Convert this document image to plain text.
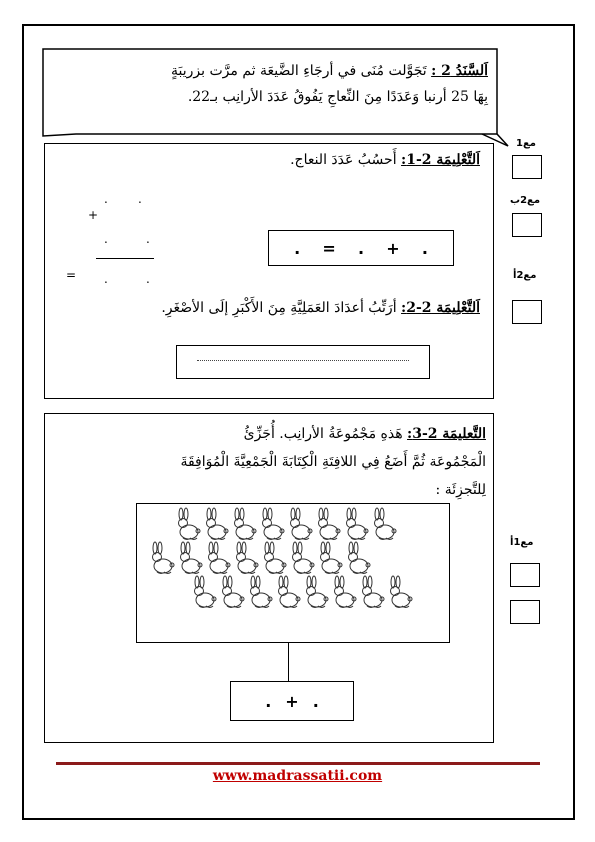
اَلسَّنَدُ 2 : تَجَوَّلت مُنَى في أرجَاءِ الضَّيعَة ثم مرَّت بزريبَةٍ
بِهَا 25 أرنبا وَعَدَدًا مِنَ النِّعاجِ يَفُوقُ عَدَدَ الأرانِب بـ22.
اَلتَّعْلِيمَة 2-1: أَحسُبُ عَدَدَ النعاج.
.	.
+
.	.
= .	.
. = . + .
اَلتَّعْلِيمَة 2-2: أرَتِّبُ أعدَادَ العَمَلِيَّةِ مِنَ الأَكْبَرِ إلَى الأصْغَرِ.
التَّعليمَة 2-3: هَذهِ مَجْمُوعَةُ الأرانِب. أُجَزِّئُ
الْمَجْمُوعَة ثُمَّ أَضَعُ فِي اللافِتَةِ الْكِتَابَةَ الْجَمْعِيَّةَ الْمُوَافِقَةَ
لِلتَّجزِئَة :
. + .
مع1
مع2ب
مع2أ
مع1أ
www.madrassatii.com
